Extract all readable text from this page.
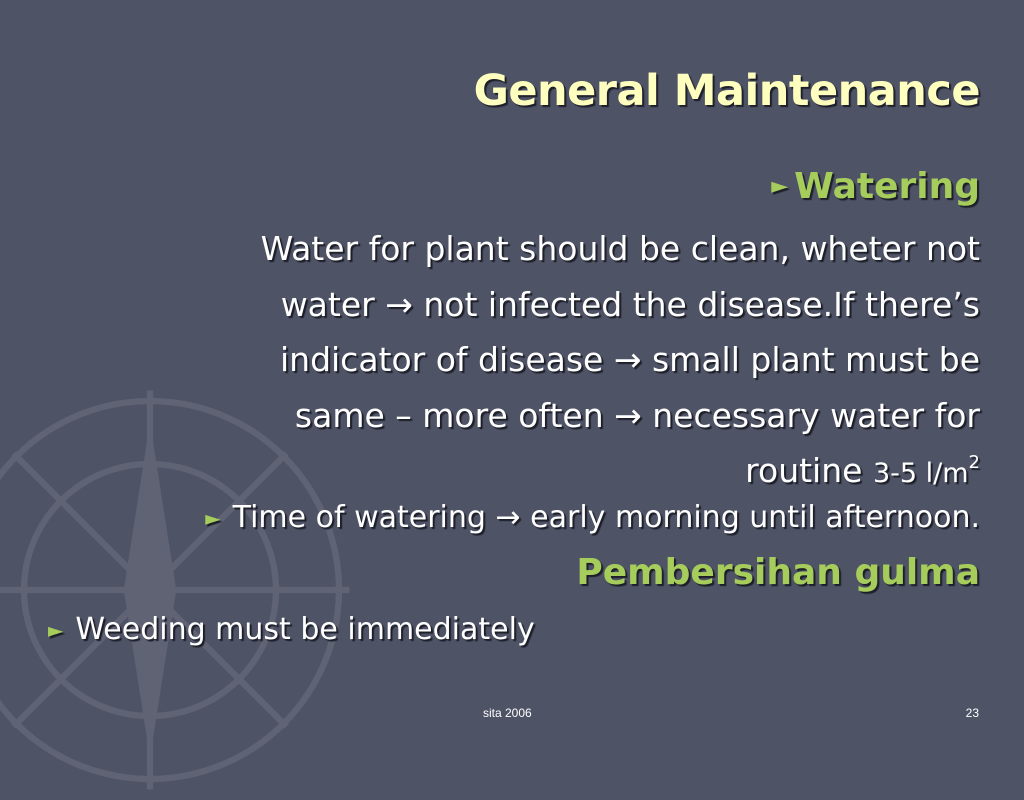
General Maintenance
► Watering
Water for plant should be clean, wheter not
water → not infected the disease.If there’s
indicator of disease → small plant must be
same – more often → necessary water for
routine 3-5 $l/m^2$
► Time of watering → early morning until afternoon.
Pembersihan gulma
► Weeding must be immediately
sita 2006	23
